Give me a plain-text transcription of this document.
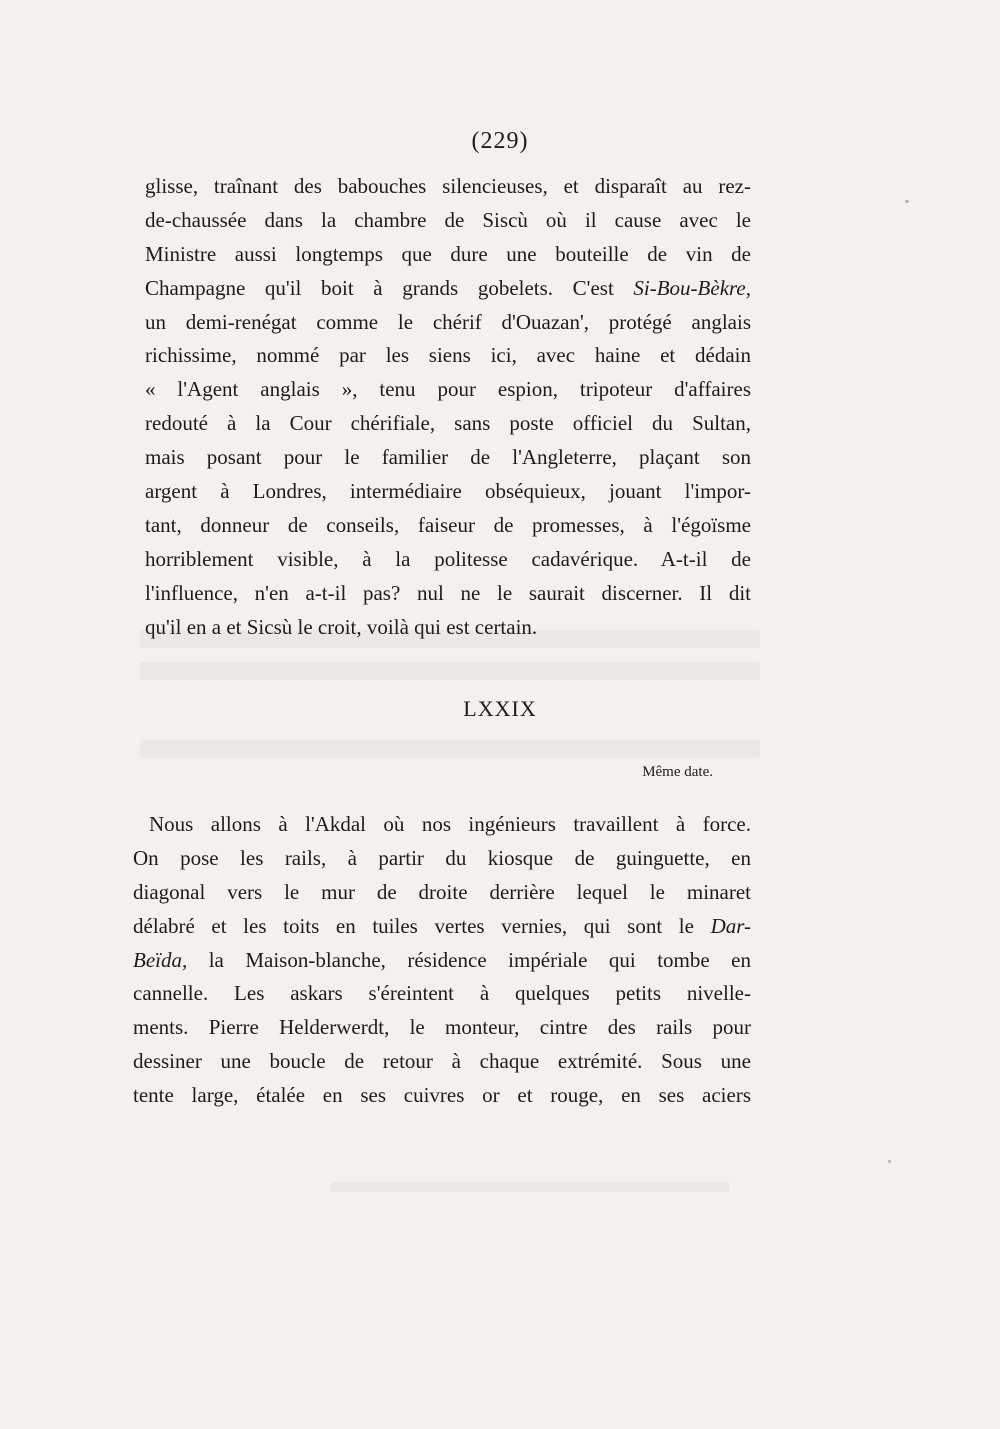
(229)
glisse, traînant des babouches silencieuses, et disparaît au rez-
de-chaussée dans la chambre de Siscù où il cause avec le
Ministre aussi longtemps que dure une bouteille de vin de
Champagne qu'il boit à grands gobelets. C'est Si-Bou-Bèkre,
un demi-renégat comme le chérif d'Ouazan', protégé anglais
richissime, nommé par les siens ici, avec haine et dédain
« l'Agent anglais », tenu pour espion, tripoteur d'affaires
redouté à la Cour chérifiale, sans poste officiel du Sultan,
mais posant pour le familier de l'Angleterre, plaçant son
argent à Londres, intermédiaire obséquieux, jouant l'impor-
tant, donneur de conseils, faiseur de promesses, à l'égoïsme
horriblement visible, à la politesse cadavérique. A-t-il de
l'influence, n'en a-t-il pas? nul ne le saurait discerner. Il dit
qu'il en a et Sicsù le croit, voilà qui est certain.
LXXIX
Même date.
Nous allons à l'Akdal où nos ingénieurs travaillent à force.
On pose les rails, à partir du kiosque de guinguette, en
diagonal vers le mur de droite derrière lequel le minaret
délabré et les toits en tuiles vertes vernies, qui sont le Dar-
Beïda, la Maison-blanche, résidence impériale qui tombe en
cannelle. Les askars s'éreintent à quelques petits nivelle-
ments. Pierre Helderwerdt, le monteur, cintre des rails pour
dessiner une boucle de retour à chaque extrémité. Sous une
tente large, étalée en ses cuivres or et rouge, en ses aciers
